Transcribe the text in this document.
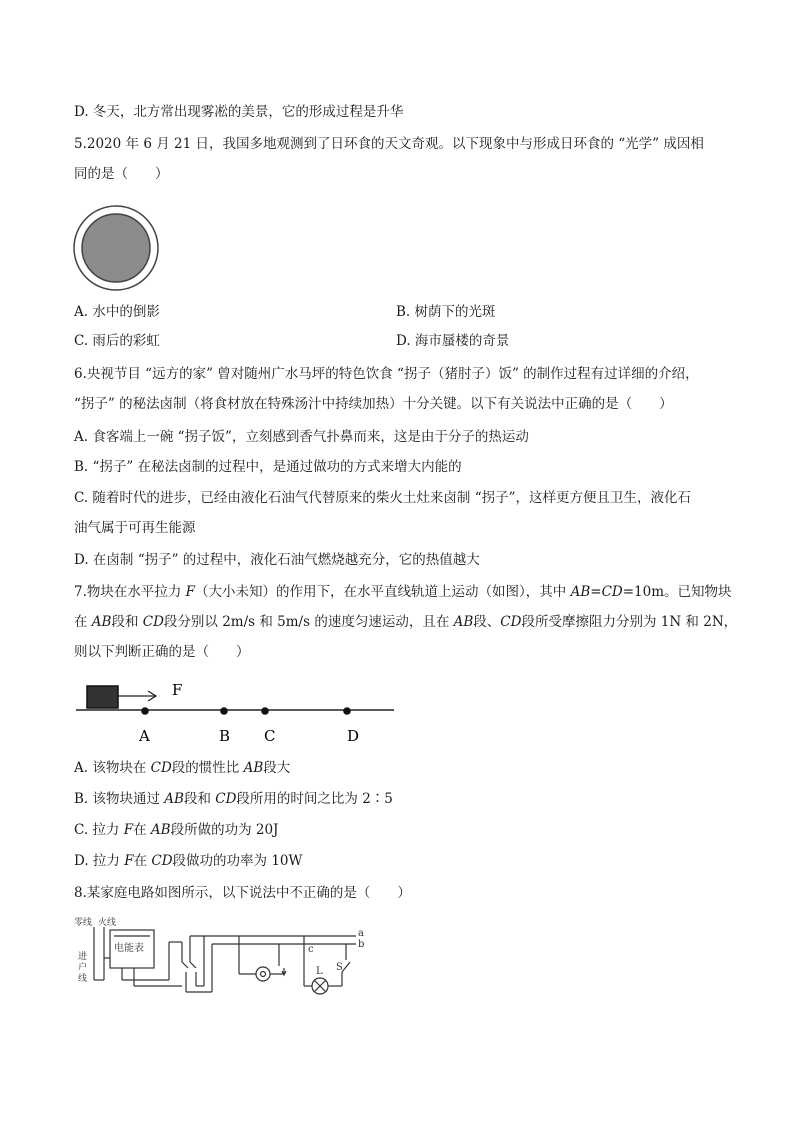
D. 冬天，北方常出现雾凇的美景，它的形成过程是升华
5.2020 年 6 月 21 日，我国多地观测到了日环食的天文奇观。以下现象中与形成日环食的 “光学” 成因相
同的是（　　）
A. 水中的倒影	B. 树荫下的光斑
C. 雨后的彩虹	D. 海市蜃楼的奇景
6.央视节目 “远方的家” 曾对随州广水马坪的特色饮食 “拐子（猪肘子）饭” 的制作过程有过详细的介绍，
“拐子” 的秘法卤制（将食材放在特殊汤汁中持续加热）十分关键。以下有关说法中正确的是（　　）
A. 食客端上一碗 “拐子饭”，立刻感到香气扑鼻而来，这是由于分子的热运动
B. “拐子” 在秘法卤制的过程中，是通过做功的方式来增大内能的
C. 随着时代的进步，已经由液化石油气代替原来的柴火土灶来卤制 “拐子”，这样更方便且卫生，液化石
油气属于可再生能源
D. 在卤制 “拐子” 的过程中，液化石油气燃烧越充分，它的热值越大
7.物块在水平拉力 F（大小未知）的作用下，在水平直线轨道上运动（如图），其中 AB=CD=10m。已知物块
在 AB段和 CD段分别以 2m/s 和 5m/s 的速度匀速运动，且在 AB段、CD段所受摩擦阻力分别为 1N 和 2N，
则以下判断正确的是（　　）
F
A	B C	D
A. 该物块在 CD段的惯性比 AB段大
B. 该物块通过 AB段和 CD段所用的时间之比为 2∶5
C. 拉力 F在 AB段所做的功为 20J
D. 拉力 F在 CD段做功的功率为 10W
8.某家庭电路如图所示，以下说法中不正确的是（　　）
零线 火线
电能表
进
户
线
a
b
c
L S
